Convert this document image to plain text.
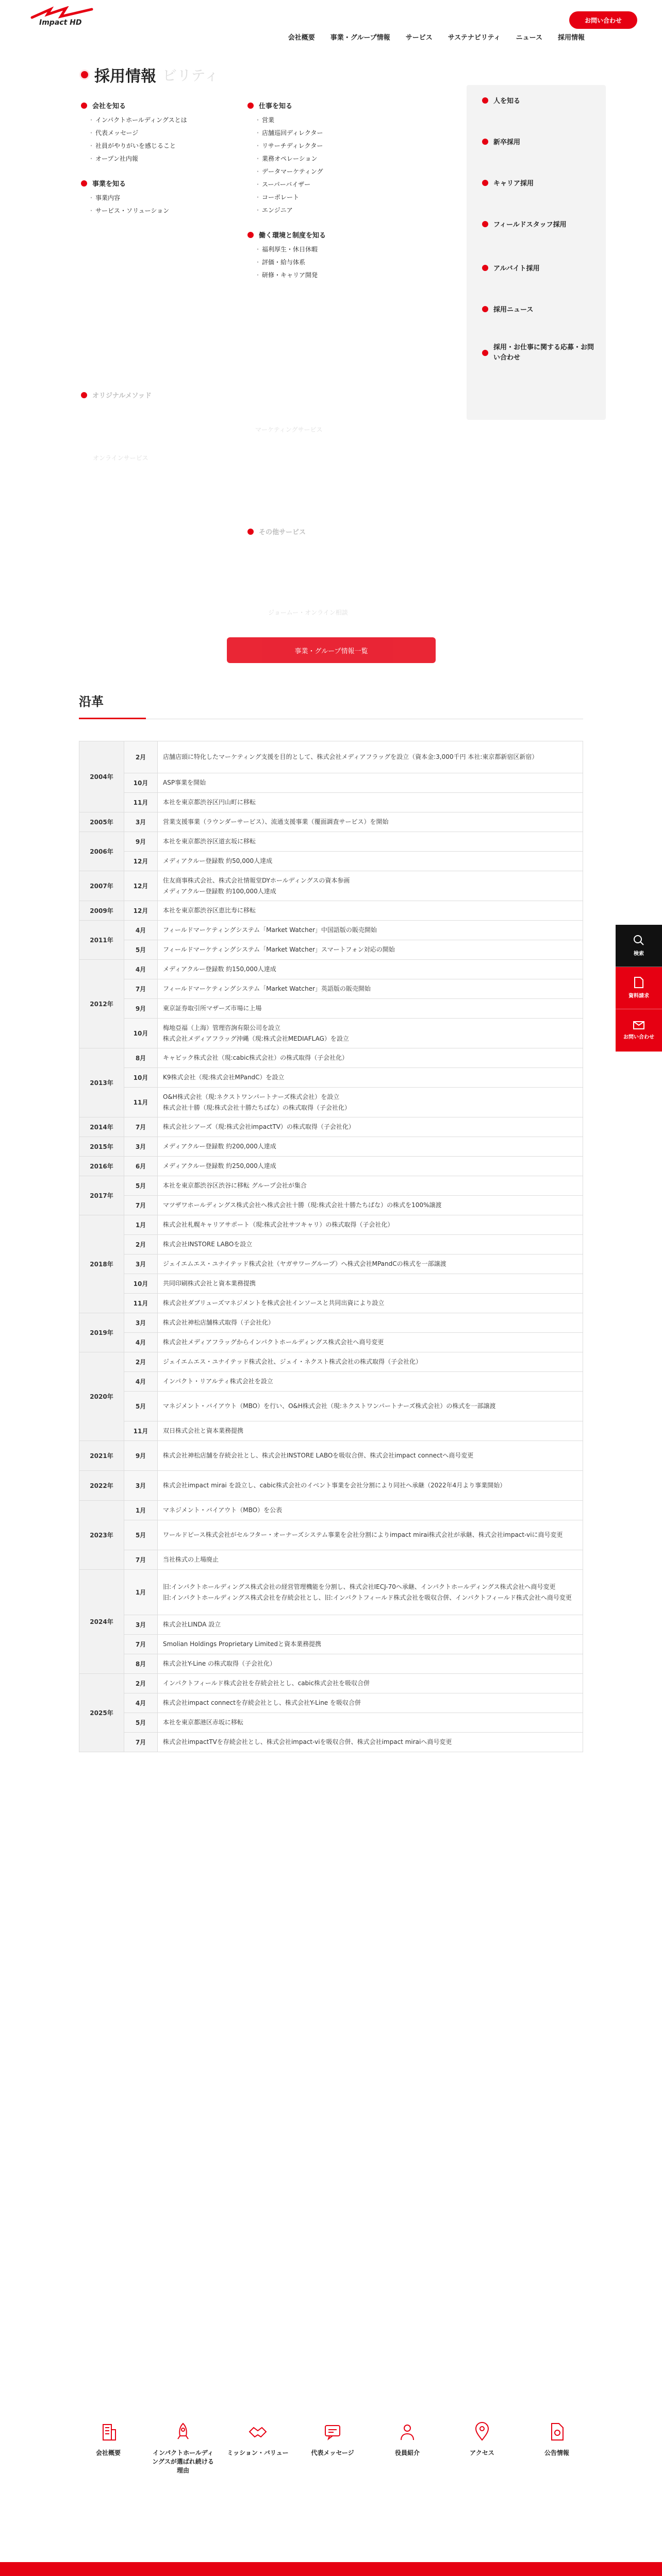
Impact HD
会社概要 事業・グループ情報 サービス サステナビリティ ニュース 採用情報
お問い合わせ
オンラインサービス
マーケティングサービス
ジョームー・オンライン相談
採用情報 ビリティ
会社を知る
・ インパクトホールディングスとは
・ 代表メッセージ
・ 社員がやりがいを感じること
・ オープン社内報
事業を知る
・ 事業内容
・ サービス・ソリューション
オリジナルメソッド
仕事を知る
・ 営業
・ 店舗巡回ディレクター
・ リサーチディレクター
・ 業務オペレーション
・ データマーケティング
・ スーパーバイザー
・ コーポレート
・ エンジニア
働く環境と制度を知る
・ 福利厚生・休日休暇
・ 評価・給与体系
・ 研修・キャリア開発
その他サービス
人を知る
新卒採用
キャリア採用
フィールドスタッフ採用
アルバイト採用
採用ニュース
採用・お仕事に関する応募・お問い合わせ
事業・グループ情報一覧
沿革
2004年	2月	店舗店頭に特化したマーケティング支援を目的として、株式会社メディアフラッグを設立（資本金:3,000千円 本社:東京都新宿区新宿）
	10月	ASP事業を開始
	11月	本社を東京都渋谷区円山町に移転
2005年	3月	営業支援事業（ラウンダーサービス）、流通支援事業（覆面調査サービス）を開始
2006年	9月	本社を東京都渋谷区道玄坂に移転
	12月	メディアクルー登録数 約50,000人達成
2007年	12月	住友商事株式会社、株式会社情報堂DYホールディングスの資本参画
メディアクルー登録数 約100,000人達成
2009年	12月	本社を東京都渋谷区恵比寿に移転
2011年	4月	フィールドマーケティングシステム「Market Watcher」中国語版の販売開始
	5月	フィールドマーケティングシステム「Market Watcher」スマートフォン対応の開始
2012年	4月	メディアクルー登録数 約150,000人達成
	7月	フィールドマーケティングシステム「Market Watcher」英語版の販売開始
	9月	東京証券取引所マザーズ市場に上場
	10月	梅地亞福（上海）管理咨詢有限公司を設立
株式会社メディアフラッグ沖縄（現:株式会社MEDIAFLAG）を設立
2013年	8月	キャビック株式会社（現:cabic株式会社）の株式取得（子会社化）
	10月	K9株式会社（現:株式会社MPandC）を設立
	11月	O&H株式会社（現:ネクストワンパートナーズ株式会社）を設立
株式会社十勝（現:株式会社十勝たちばな）の株式取得（子会社化）
2014年	7月	株式会社シアーズ（現:株式会社impactTV）の株式取得（子会社化）
2015年	3月	メディアクルー登録数 約200,000人達成
2016年	6月	メディアクルー登録数 約250,000人達成
2017年	5月	本社を東京都渋谷区渋谷に移転 グループ会社が集合
	7月	マツザワホールディングス株式会社へ株式会社十勝（現:株式会社十勝たちばな）の株式を100%譲渡
2018年	1月	株式会社札幌キャリアサポート（現:株式会社サツキャリ）の株式取得（子会社化）
	2月	株式会社INSTORE LABOを設立
	3月	ジェイエムエス・ユナイテッド株式会社（ヤガサワーグループ）へ株式会社MPandCの株式を一部譲渡
	10月	共同印刷株式会社と資本業務提携
	11月	株式会社ダブリューズマネジメントを株式会社インソースと共同出資により設立
2019年	3月	株式会社神松店舗株式取得（子会社化）
	4月	株式会社メディアフラッグからインパクトホールディングス株式会社へ商号変更
2020年	2月	ジェイエムエス・ユナイテッド株式会社、ジェイ・ネクスト株式会社の株式取得（子会社化）
	4月	インパクト・リアルティ株式会社を設立
	5月	マネジメント・バイアウト（MBO）を行い、O&H株式会社（現:ネクストワンパートナーズ株式会社）の株式を一部譲渡
	11月	双日株式会社と資本業務提携
2021年	9月	株式会社神松店舗を存続会社とし、株式会社INSTORE LABOを吸収合併、株式会社impact connectへ商号変更
2022年	3月	株式会社impact mirai を設立し、cabic株式会社のイベント事業を会社分割により同社へ承継（2022年4月より事業開始）
2023年	1月	マネジメント・バイアウト（MBO）を公表
	5月	ワールドピース株式会社がセルフター・オーナーズシステム事業を会社分割によりimpact mirai株式会社が承継、株式会社impact-viに商号変更
	7月	当社株式の上場廃止
2024年	1月	旧:インパクトホールディングス株式会社の経営管理機能を分割し、株式会社IECJ-70へ承継、インパクトホールディングス株式会社へ商号変更
旧:インパクトホールディングス株式会社を存続会社とし、旧:インパクトフィールド株式会社を吸収合併、インパクトフィールド株式会社へ商号変更
	3月	株式会社LINDA 設立
	7月	Smolian Holdings Proprietary Limitedと資本業務提携
	8月	株式会社Y-Line の株式取得（子会社化）
2025年	2月	インパクトフィールド株式会社を存続会社とし、cabic株式会社を吸収合併
	4月	株式会社impact connectを存続会社とし、株式会社Y-Line を吸収合併
	5月	本社を東京都港区赤坂に移転
	7月	株式会社impactTVを存続会社とし、株式会社impact-viを吸収合併、株式会社impact miraiへ商号変更
会社概要	インパクトホールディングスが選ばれ続ける理由
ミッション・バリュー	代表メッセージ	役員紹介	アクセス	公告情報
検索
資料請求
お問い合わせ
